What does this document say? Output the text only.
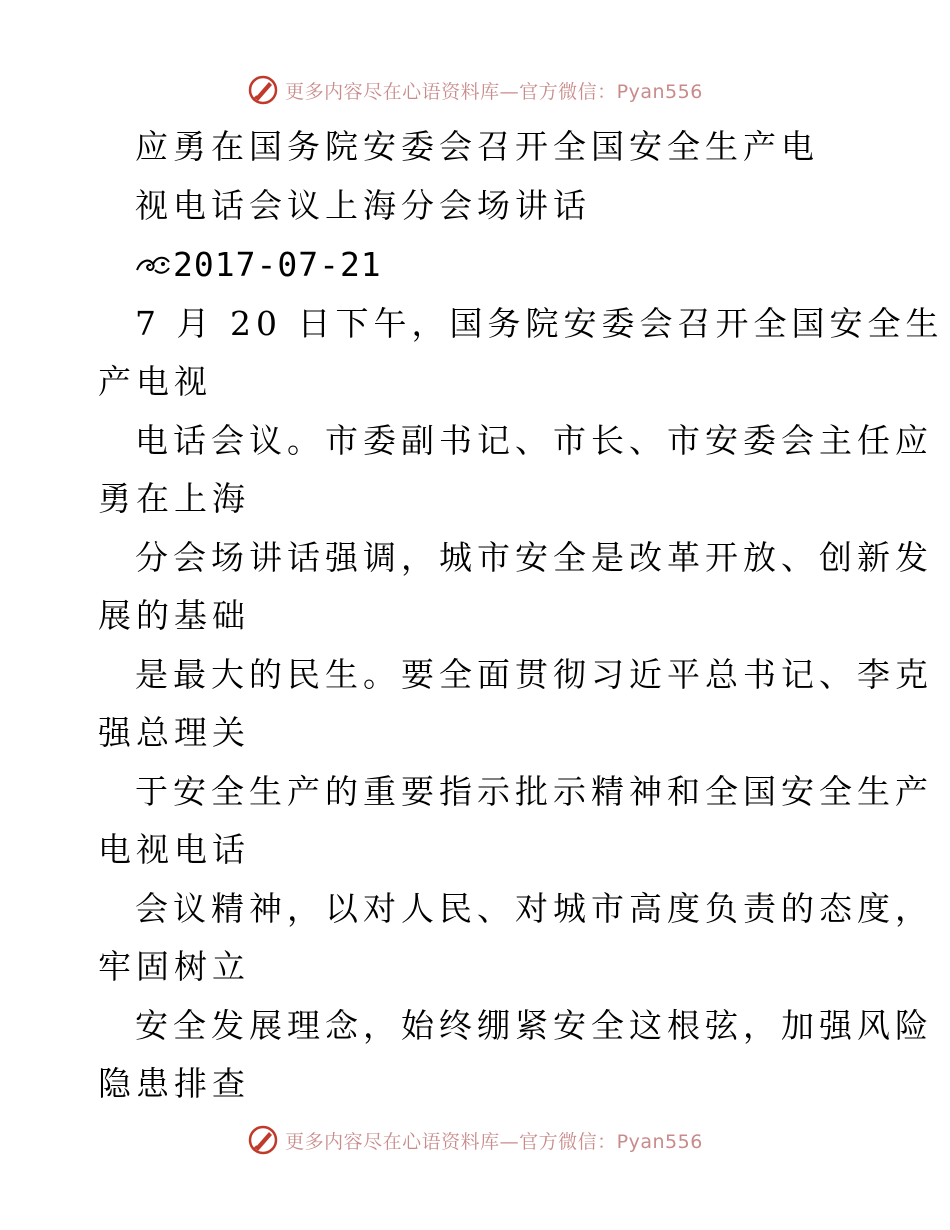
更多内容尽在心语资料库—官方微信：Pyan556
应勇在国务院安委会召开全国安全生产电
视电话会议上海分会场讲话
2017-07-21
7 月 20 日下午，国务院安委会召开全国安全生
产电视
电话会议。市委副书记、市长、市安委会主任应
勇在上海
分会场讲话强调，城市安全是改革开放、创新发
展的基础
是最大的民生。要全面贯彻习近平总书记、李克
强总理关
于安全生产的重要指示批示精神和全国安全生产
电视电话
会议精神，以对人民、对城市高度负责的态度，
牢固树立
安全发展理念，始终绷紧安全这根弦，加强风险
隐患排查
更多内容尽在心语资料库—官方微信：Pyan556
